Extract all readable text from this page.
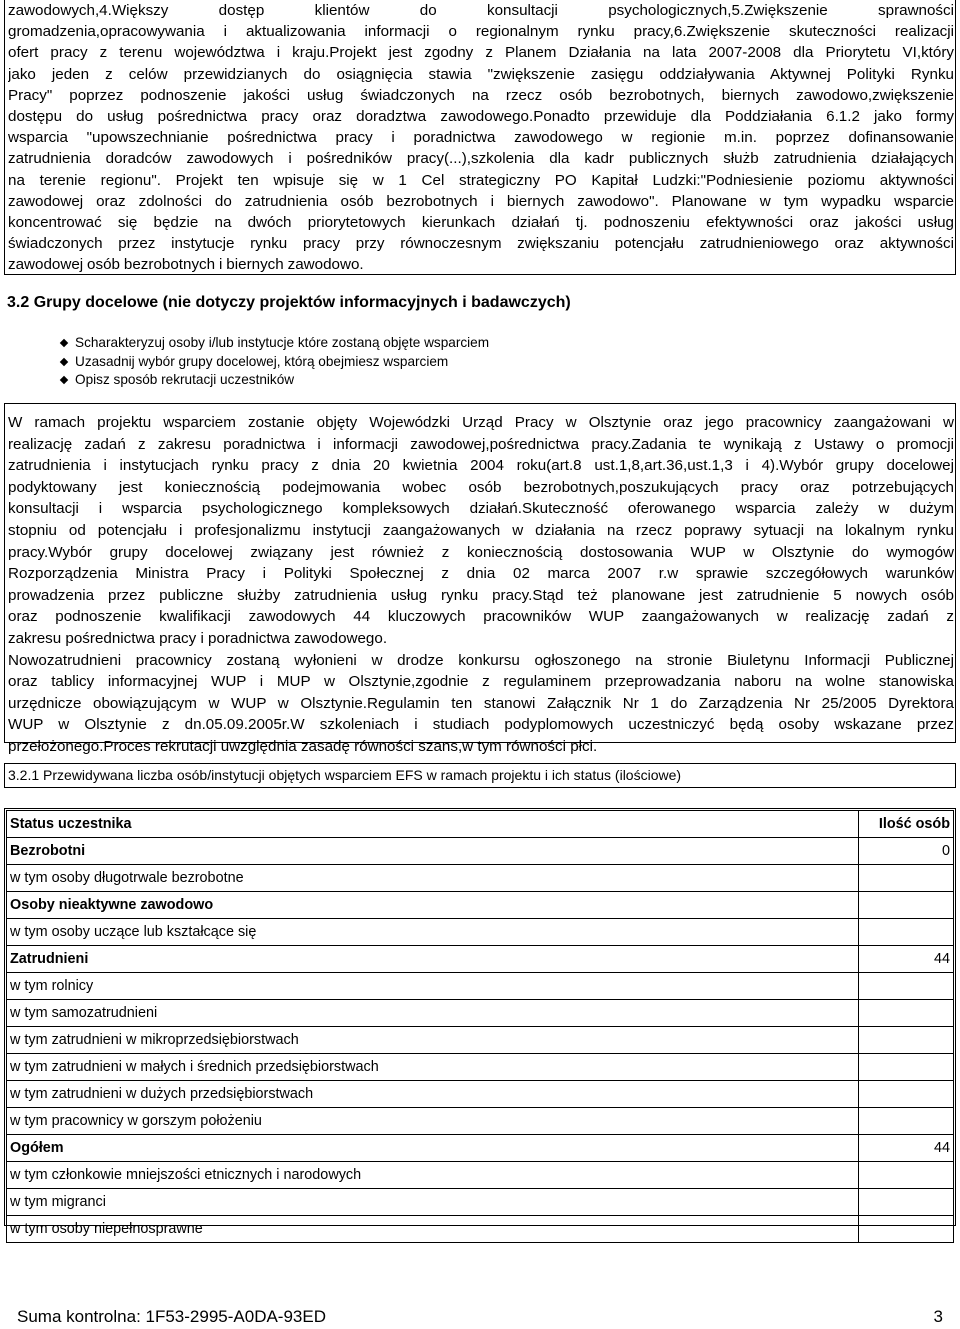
zawodowych,4.Większy dostęp klientów do konsultacji psychologicznych,5.Zwiększenie sprawności
gromadzenia,opracowywania i aktualizowania informacji o regionalnym rynku pracy,6.Zwiększenie skuteczności realizacji
ofert pracy z terenu województwa i kraju.Projekt jest zgodny z Planem Działania na lata 2007-2008 dla Priorytetu VI,który
jako jeden z celów przewidzianych do osiągnięcia stawia "zwiększenie zasięgu oddziaływania Aktywnej Polityki Rynku
Pracy" poprzez podnoszenie jakości usług świadczonych na rzecz osób bezrobotnych, biernych zawodowo,zwiększenie
dostępu do usług pośrednictwa pracy oraz doradztwa zawodowego.Ponadto przewiduje dla Poddziałania 6.1.2 jako formy
wsparcia "upowszechnianie pośrednictwa pracy i poradnictwa zawodowego w regionie m.in. poprzez dofinansowanie
zatrudnienia doradców zawodowych i pośredników pracy(...),szkolenia dla kadr publicznych służb zatrudnienia działających
na terenie regionu". Projekt ten wpisuje się w 1 Cel strategiczny PO Kapitał Ludzki:"Podniesienie poziomu aktywności
zawodowej oraz zdolności do zatrudnienia osób bezrobotnych i biernych zawodowo". Planowane w tym wypadku wsparcie
koncentrować się będzie na dwóch priorytetowych kierunkach działań tj. podnoszeniu efektywności oraz jakości usług
świadczonych przez instytucje rynku pracy przy równoczesnym zwiększaniu potencjału zatrudnieniowego oraz aktywności
zawodowej osób bezrobotnych i biernych zawodowo.
3.2 Grupy docelowe (nie dotyczy projektów informacyjnych i badawczych)
Scharakteryzuj osoby i/lub instytucje które zostaną objęte wsparciem
Uzasadnij wybór grupy docelowej, którą obejmiesz wsparciem
Opisz sposób rekrutacji uczestników
W ramach projektu wsparciem zostanie objęty Wojewódzki Urząd Pracy w Olsztynie oraz jego pracownicy zaangażowani w
realizację zadań z zakresu poradnictwa i informacji zawodowej,pośrednictwa pracy.Zadania te wynikają z Ustawy o promocji
zatrudnienia i instytucjach rynku pracy z dnia 20 kwietnia 2004 roku(art.8 ust.1,8,art.36,ust.1,3 i 4).Wybór grupy docelowej
podyktowany jest koniecznością podejmowania wobec osób bezrobotnych,poszukujących pracy oraz potrzebujących
konsultacji i wsparcia psychologicznego kompleksowych działań.Skuteczność oferowanego wsparcia zależy w dużym
stopniu od potencjału i profesjonalizmu instytucji zaangażowanych w działania na rzecz poprawy sytuacji na lokalnym rynku
pracy.Wybór grupy docelowej związany jest również z koniecznością dostosowania WUP w Olsztynie do wymogów
Rozporządzenia Ministra Pracy i Polityki Społecznej z dnia 02 marca 2007 r.w sprawie szczegółowych warunków
prowadzenia przez publiczne służby zatrudnienia usług rynku pracy.Stąd też planowane jest zatrudnienie 5 nowych osób
oraz podnoszenie kwalifikacji zawodowych 44 kluczowych pracowników WUP zaangażowanych w realizację zadań z
zakresu pośrednictwa pracy i poradnictwa zawodowego.
Nowozatrudnieni pracownicy zostaną wyłonieni w drodze konkursu ogłoszonego na stronie Biuletynu Informacji Publicznej
oraz tablicy informacyjnej WUP i MUP w Olsztynie,zgodnie z regulaminem przeprowadzania naboru na wolne stanowiska
urzędnicze obowiązującym w WUP w Olsztynie.Regulamin ten stanowi Załącznik Nr 1 do Zarządzenia Nr 25/2005 Dyrektora
WUP w Olsztynie z dn.05.09.2005r.W szkoleniach i studiach podyplomowych uczestniczyć będą osoby wskazane przez
przełożonego.Proces rekrutacji uwzględnia zasadę równości szans,w tym równości płci.
3.2.1 Przewidywana liczba osób/instytucji objętych wsparciem EFS w ramach projektu i ich status (ilościowe)
Status uczestnika	Ilość osób
Bezrobotni	0
w tym osoby długotrwale bezrobotne	
Osoby nieaktywne zawodowo	
w tym osoby uczące lub kształcące się	
Zatrudnieni	44
w tym rolnicy	
w tym samozatrudnieni	
w tym zatrudnieni w mikroprzedsiębiorstwach	
w tym zatrudnieni w małych i średnich przedsiębiorstwach	
w tym zatrudnieni w dużych przedsiębiorstwach	
w tym pracownicy w gorszym położeniu	
Ogółem	44
w tym członkowie mniejszości etnicznych i narodowych	
w tym migranci	
w tym osoby niepełnosprawne	
Suma kontrolna: 1F53-2995-A0DA-93ED	3
